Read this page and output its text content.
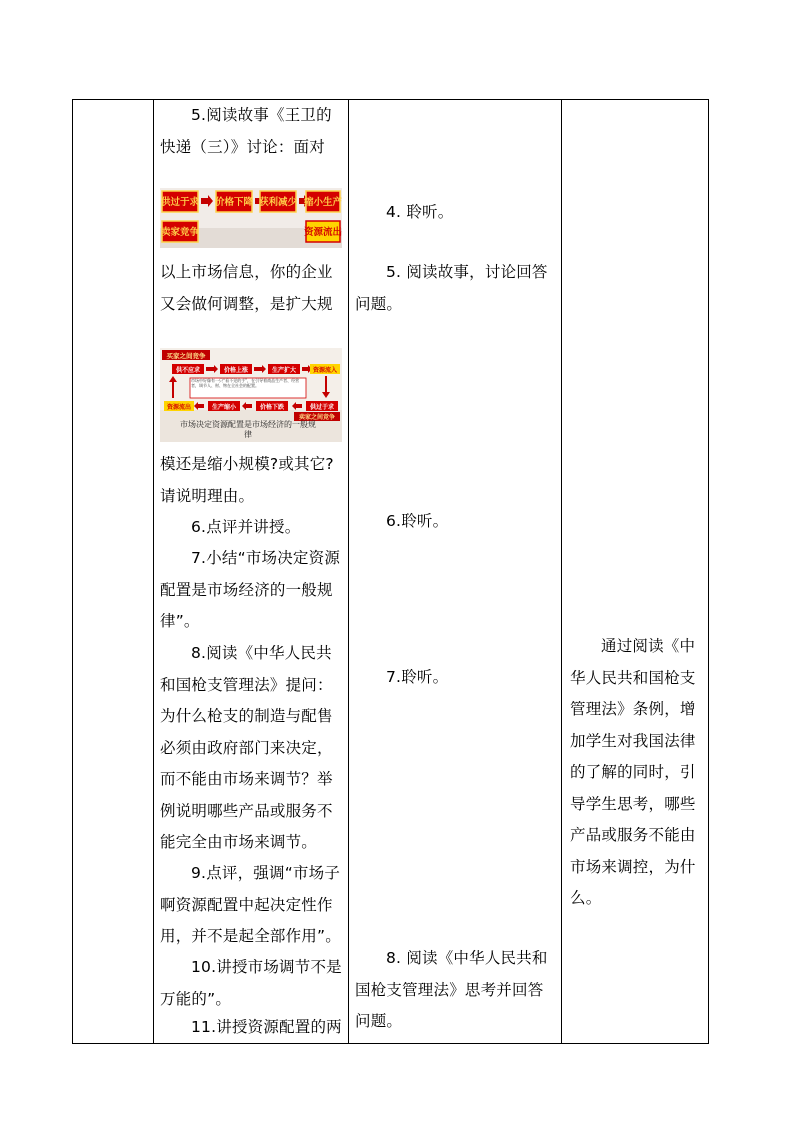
5.阅读故事《王卫的快递（三）》讨论：面对
供过于求 价格下降 获利减少 缩小生产
卖家竞争	资源流出
以上市场信息，你的企业又会做何调整，是扩大规
买家之间竞争
供不应求	价格上涨	生产扩大	资源流入
市场中好像有一只“看不见的手”，在引导着商品生产者、经营者，调节人、财、物在全社会的配置。
资源流出	生产缩小	价格下跌	供过于求
卖家之间竞争
市场决定资源配置是市场经济的一般规律
模还是缩小规模?或其它?请说明理由。
6.点评并讲授。
7.小结“市场决定资源配置是市场经济的一般规律”。
8.阅读《中华人民共和国枪支管理法》提问：为什么枪支的制造与配售必须由政府部门来决定，而不能由市场来调节？举例说明哪些产品或服务不能完全由市场来调节。
9.点评，强调“市场子啊资源配置中起决定性作用，并不是起全部作用”。
10.讲授市场调节不是万能的”。
11.讲授资源配置的两

4. 聆听。
5. 阅读故事，讨论回答问题。
6.聆听。
7.聆听。
8. 阅读《中华人民共和国枪支管理法》思考并回答问题。

通过阅读《中华人民共和国枪支管理法》条例，增加学生对我国法律的了解的同时，引导学生思考，哪些产品或服务不能由市场来调控，为什么。
